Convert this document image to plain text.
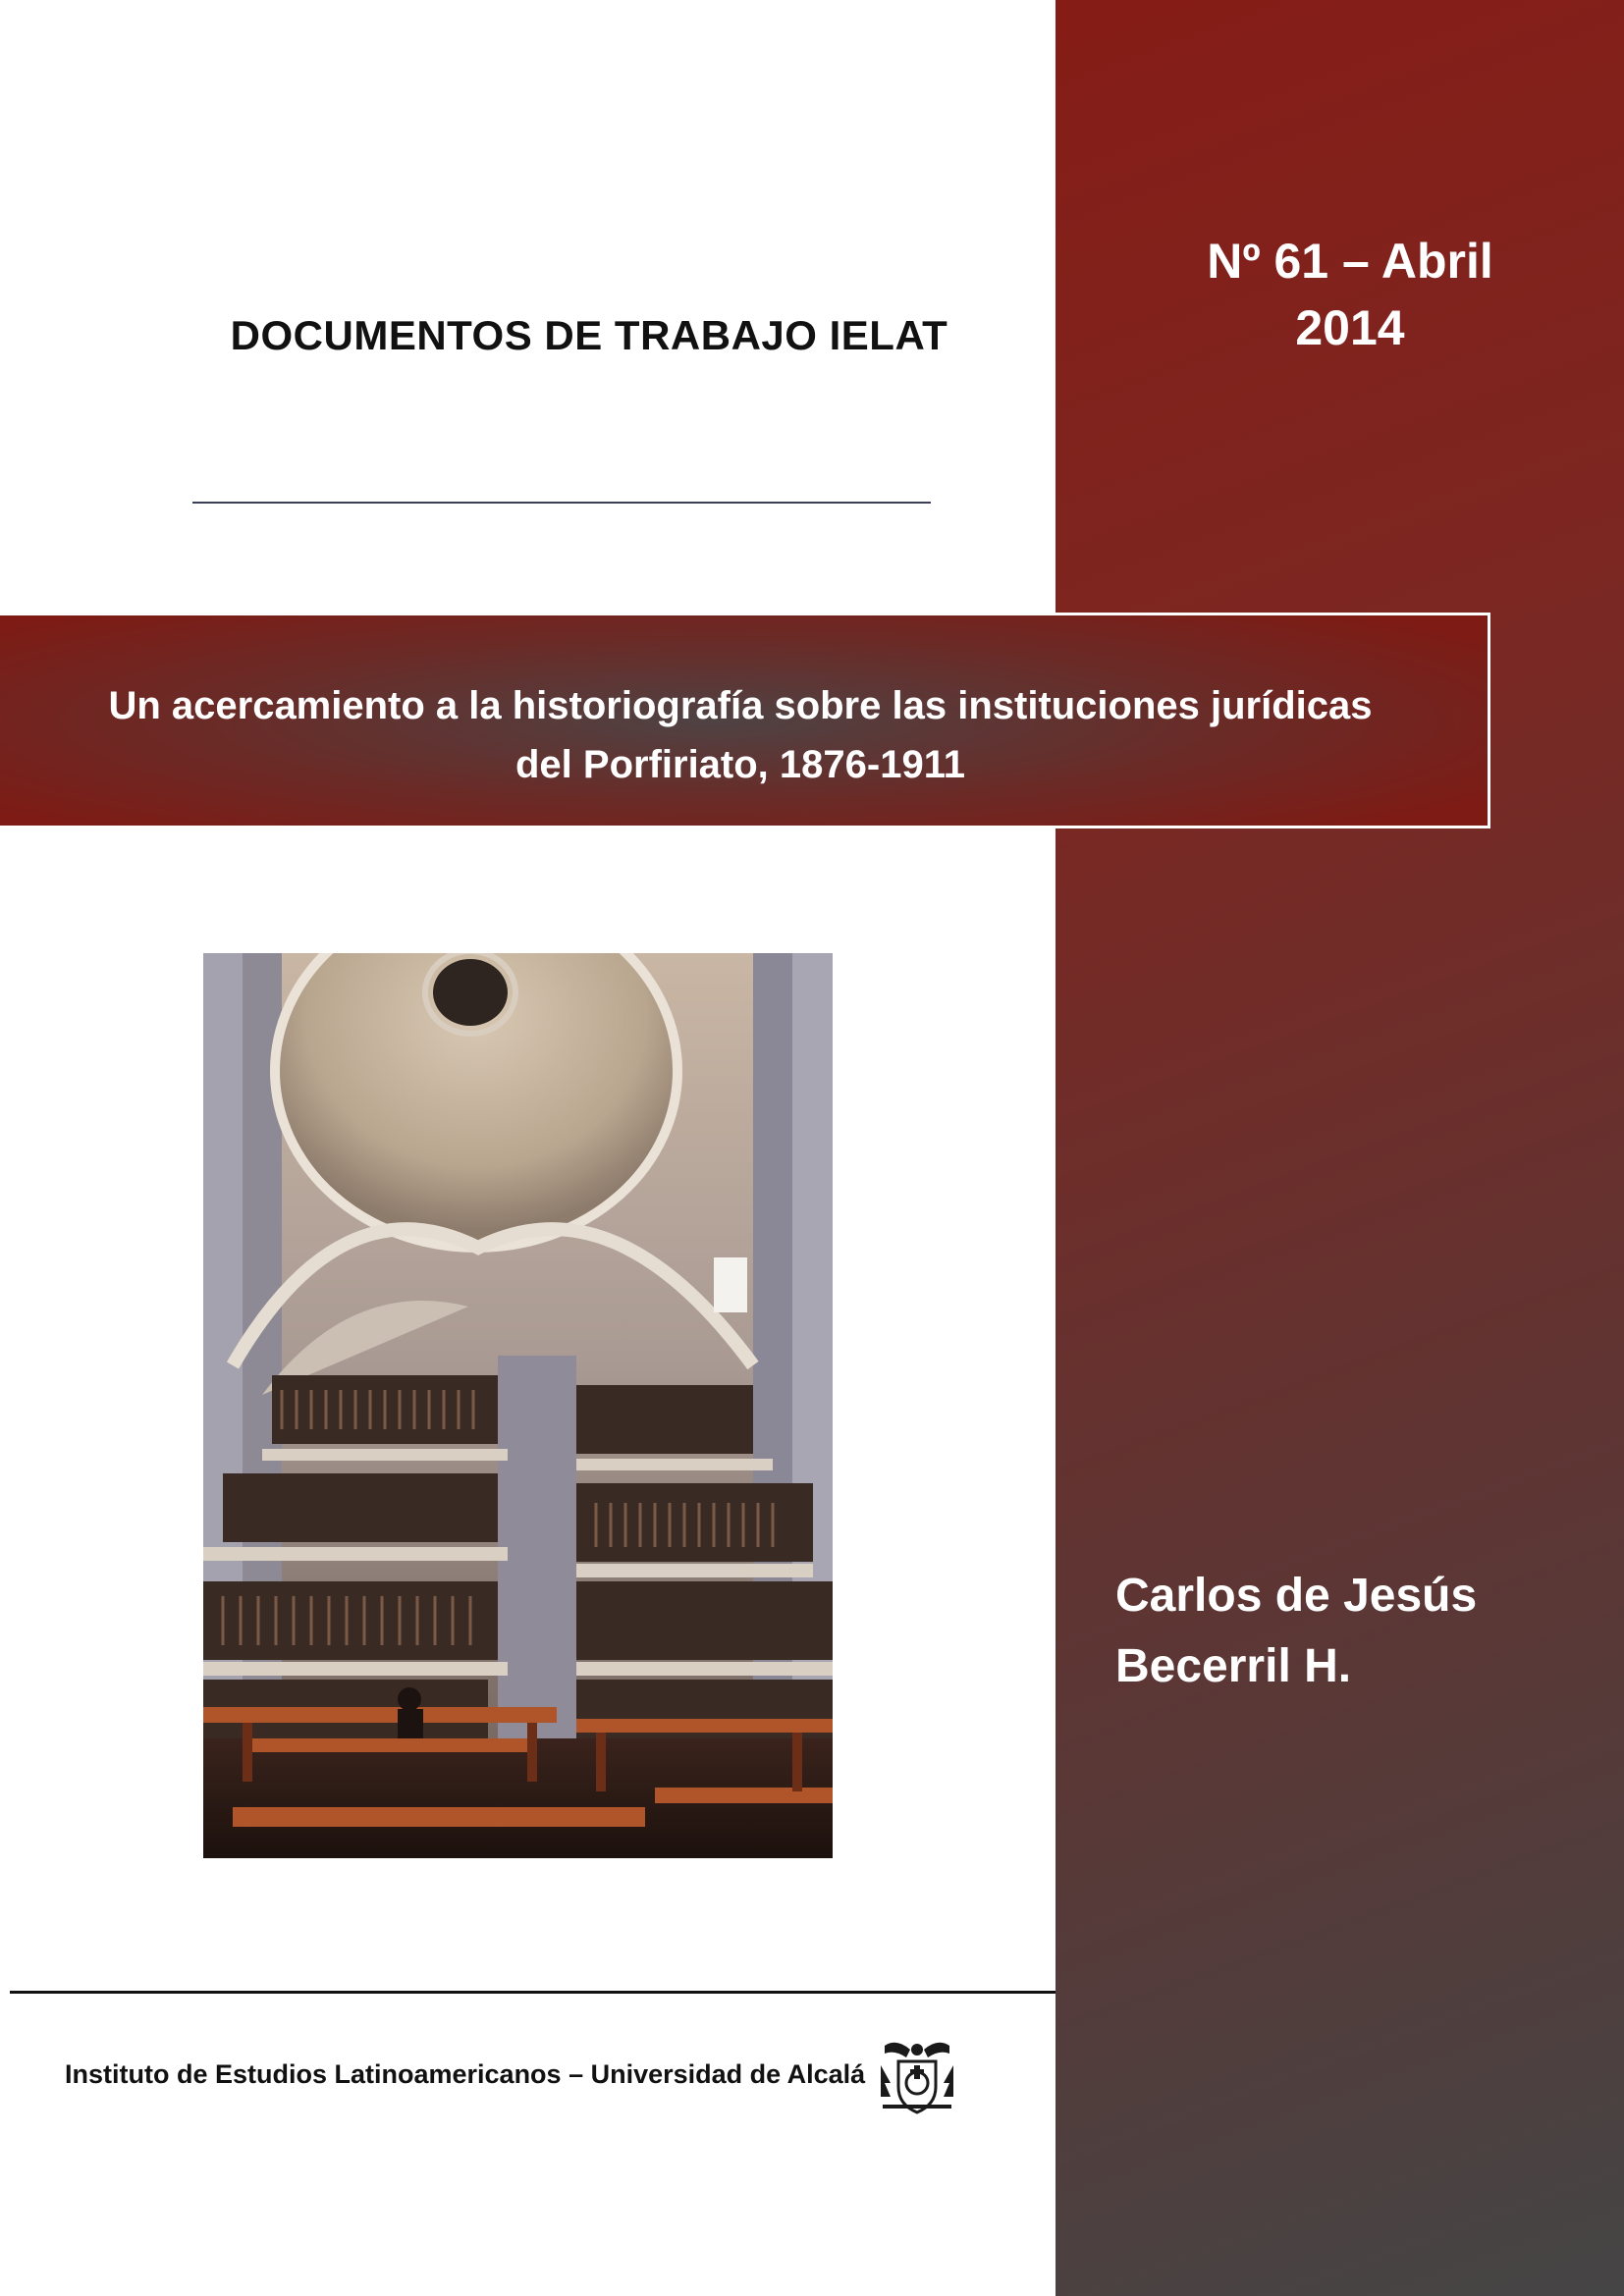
Nº 61 – Abril
2014
DOCUMENTOS DE TRABAJO IELAT
Un acercamiento a la historiografía sobre las instituciones jurídicas
del Porfiriato, 1876-1911
Carlos de Jesús
Becerril H.
Instituto de Estudios Latinoamericanos – Universidad de Alcalá
